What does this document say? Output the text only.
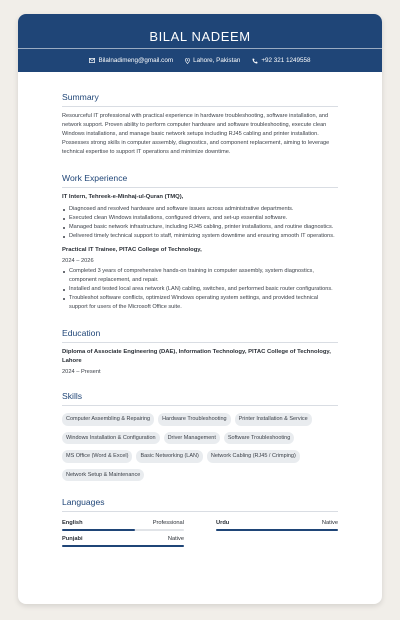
BILAL NADEEM
Bilalnadimeng@gmail.com	Lahore, Pakistan	+92 321 1249558
Summary
Resourceful IT professional with practical experience in hardware troubleshooting, software installation, and network support. Proven ability to perform computer hardware and software troubleshooting, execute clean Windows installations, and manage basic network setups including RJ45 cabling and printer installation. Possesses strong skills in computer assembly, diagnostics, and component replacement, aiming to leverage technical expertise to support IT operations and minimize downtime.
Work Experience
IT Intern, Tehreek-e-Minhaj-ul-Quran (TMQ),
Diagnosed and resolved hardware and software issues across administrative departments.
Executed clean Windows installations, configured drivers, and set-up essential software.
Managed basic network infrastructure, including RJ45 cabling, printer installations, and routine diagnostics.
Delivered timely technical support to staff, minimizing system downtime and ensuring smooth IT operations.
Practical IT Trainee, PITAC College of Technology,
2024 – 2026
Completed 3 years of comprehensive hands-on training in computer assembly, system diagnostics, component replacement, and repair.
Installed and tested local area network (LAN) cabling, switches, and performed basic router configurations.
Troubleshot software conflicts, optimized Windows operating system settings, and provided technical support for users of the Microsoft Office suite.
Education
Diploma of Associate Engineering (DAE), Information Technology, PITAC College of Technology, Lahore
2024 – Present
Skills
Computer Assembling & Repairing	Hardware Troubleshooting	Printer Installation & Service
Windows Installation & Configuration	Driver Management	Software Troubleshooting
MS Office (Word & Excel)	Basic Networking (LAN)	Network Cabling (RJ45 / Crimping)
Network Setup & Maintenance
Languages
English	Professional	Urdu	Native
Punjabi	Native
